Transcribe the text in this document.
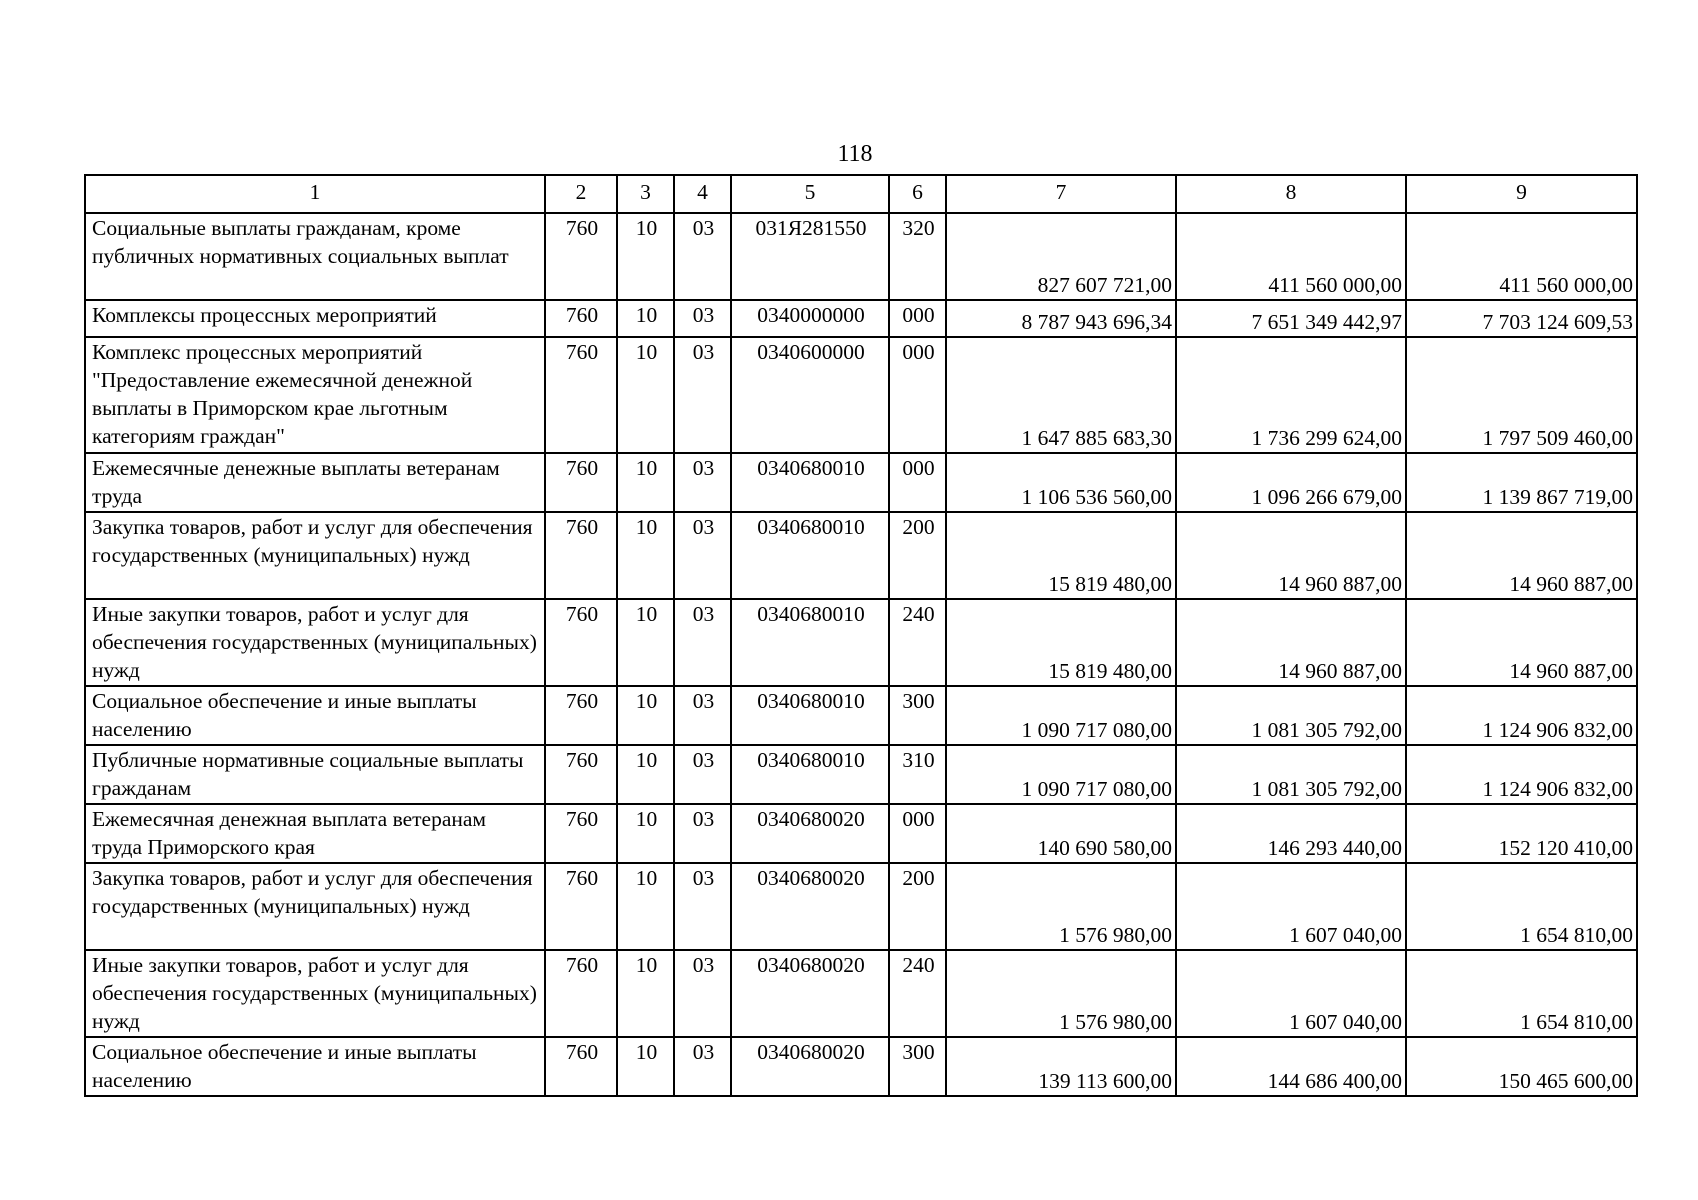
118
1	2	3	4	5	6	7	8	9
Социальные выплаты гражданам, кроме публичных нормативных социальных выплат	760	10	03	031Я281550	320	827 607 721,00	411 560 000,00	411 560 000,00
Комплексы процессных мероприятий	760	10	03	0340000000	000	8 787 943 696,34	7 651 349 442,97	7 703 124 609,53
Комплекс процессных мероприятий "Предоставление ежемесячной денежной выплаты в Приморском крае льготным категориям граждан"	760	10	03	0340600000	000	1 647 885 683,30	1 736 299 624,00	1 797 509 460,00
Ежемесячные денежные выплаты ветеранам труда	760	10	03	0340680010	000	1 106 536 560,00	1 096 266 679,00	1 139 867 719,00
Закупка товаров, работ и услуг для обеспечения государственных (муниципальных) нужд	760	10	03	0340680010	200	15 819 480,00	14 960 887,00	14 960 887,00
Иные закупки товаров, работ и услуг для обеспечения государственных (муниципальных) нужд	760	10	03	0340680010	240	15 819 480,00	14 960 887,00	14 960 887,00
Социальное обеспечение и иные выплаты населению	760	10	03	0340680010	300	1 090 717 080,00	1 081 305 792,00	1 124 906 832,00
Публичные нормативные социальные выплаты гражданам	760	10	03	0340680010	310	1 090 717 080,00	1 081 305 792,00	1 124 906 832,00
Ежемесячная денежная выплата ветеранам труда Приморского края	760	10	03	0340680020	000	140 690 580,00	146 293 440,00	152 120 410,00
Закупка товаров, работ и услуг для обеспечения государственных (муниципальных) нужд	760	10	03	0340680020	200	1 576 980,00	1 607 040,00	1 654 810,00
Иные закупки товаров, работ и услуг для обеспечения государственных (муниципальных) нужд	760	10	03	0340680020	240	1 576 980,00	1 607 040,00	1 654 810,00
Социальное обеспечение и иные выплаты населению	760	10	03	0340680020	300	139 113 600,00	144 686 400,00	150 465 600,00
